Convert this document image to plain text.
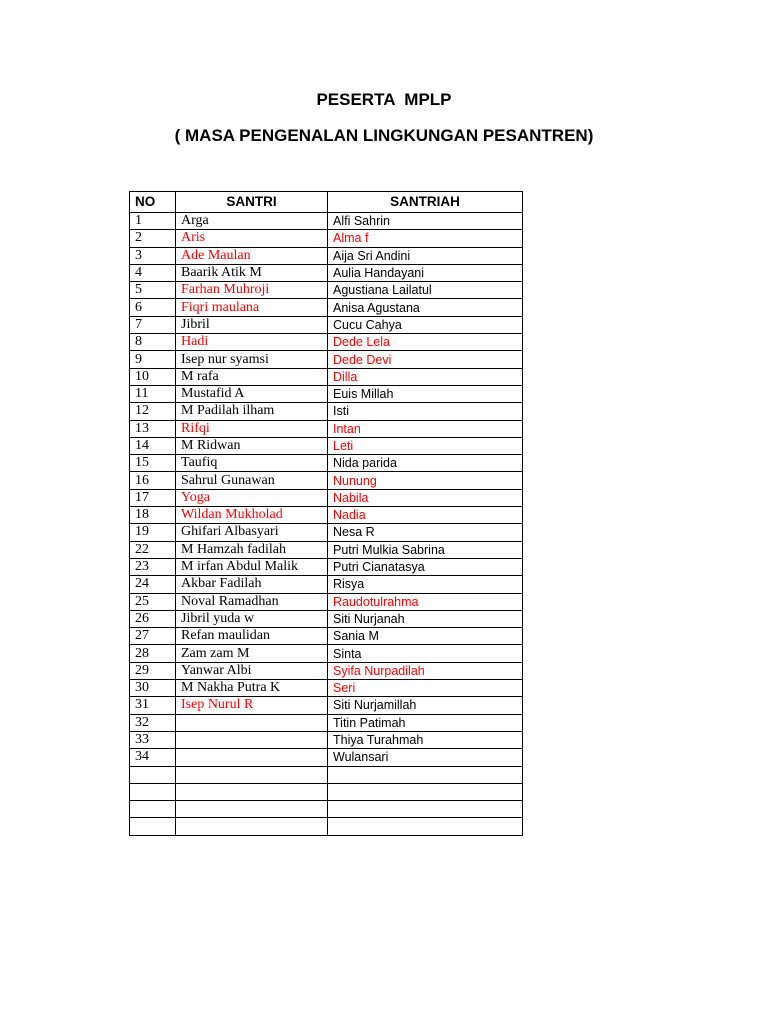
PESERTA  MPLP
( MASA PENGENALAN LINGKUNGAN PESANTREN)
NO	SANTRI	SANTRIAH
1	Arga	Alfi Sahrin
2	Aris	Alma f
3	Ade Maulan	Aija Sri Andini
4	Baarik Atik M	Aulia Handayani
5	Farhan Muhroji	Agustiana Lailatul
6	Fiqri maulana	Anisa Agustana
7	Jibril	Cucu Cahya
8	Hadi	Dede Lela
9	Isep nur syamsi	Dede Devi
10	M rafa	Dilla
11	Mustafid A	Euis Millah
12	M Padilah ilham	Isti
13	Rifqi	Intan
14	M Ridwan	Leti
15	Taufiq	Nida parida
16	Sahrul Gunawan	Nunung
17	Yoga	Nabila
18	Wildan Mukholad	Nadia
19	Ghifari Albasyari	Nesa R
22	M Hamzah fadilah	Putri Mulkia Sabrina
23	M irfan Abdul Malik	Putri Cianatasya
24	Akbar Fadilah	Risya
25	Noval Ramadhan	Raudotulrahma
26	Jibril yuda w	Siti Nurjanah
27	Refan maulidan	Sania M
28	Zam zam M	Sinta
29	Yanwar Albi	Syifa Nurpadilah
30	M Nakha Putra K	Seri
31	Isep Nurul R	Siti Nurjamillah
32		Titin Patimah
33		Thiya Turahmah
34		Wulansari
